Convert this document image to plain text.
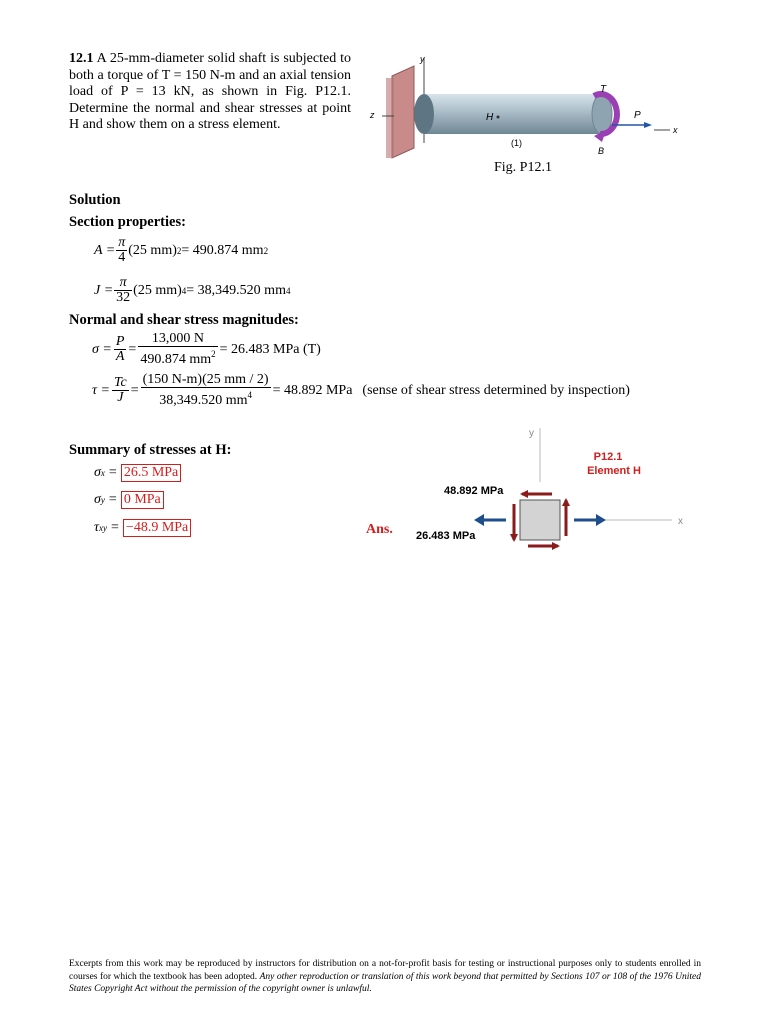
12.1 A 25-mm-diameter solid shaft is subjected to both a torque of T = 150 N-m and an axial tension load of P = 13 kN, as shown in Fig. P12.1. Determine the normal and shear stresses at point H and show them on a stress element.
y
z
T
P
x
H
(1)
B
Fig. P12.1
Solution
Section properties:
$A = \frac{\pi}{4} (25$ mm) 2 = 490.874 mm 2
$J = \frac{\pi}{32} (25$ mm) 4 = 38,349.520 mm 4
Normal and shear stress magnitudes:
$\sigma = \frac{P}{A} = \frac{13,000 N}{490.874 mm^2} = 26.483$ MPa (T)
$\tau = \frac{Tc}{J} = \frac{(150 N-m)(25 mm / 2)}{38,349.520 mm^4} = 48.892$ MPa (sense of shear stress determined by inspection)
Summary of stresses at H:
σ x = 26.5 MPa
σ y = 0 MPa
τ xy = −48.9 MPa	Ans.
y
x
P12.1
Element H
48.892 MPa
26.483 MPa
Excerpts from this work may be reproduced by instructors for distribution on a not-for-profit basis for testing or instructional purposes only to students enrolled in courses for which the textbook has been adopted. Any other reproduction or translation of this work beyond that permitted by Sections 107 or 108 of the 1976 United States Copyright Act without the permission of the copyright owner is unlawful.
